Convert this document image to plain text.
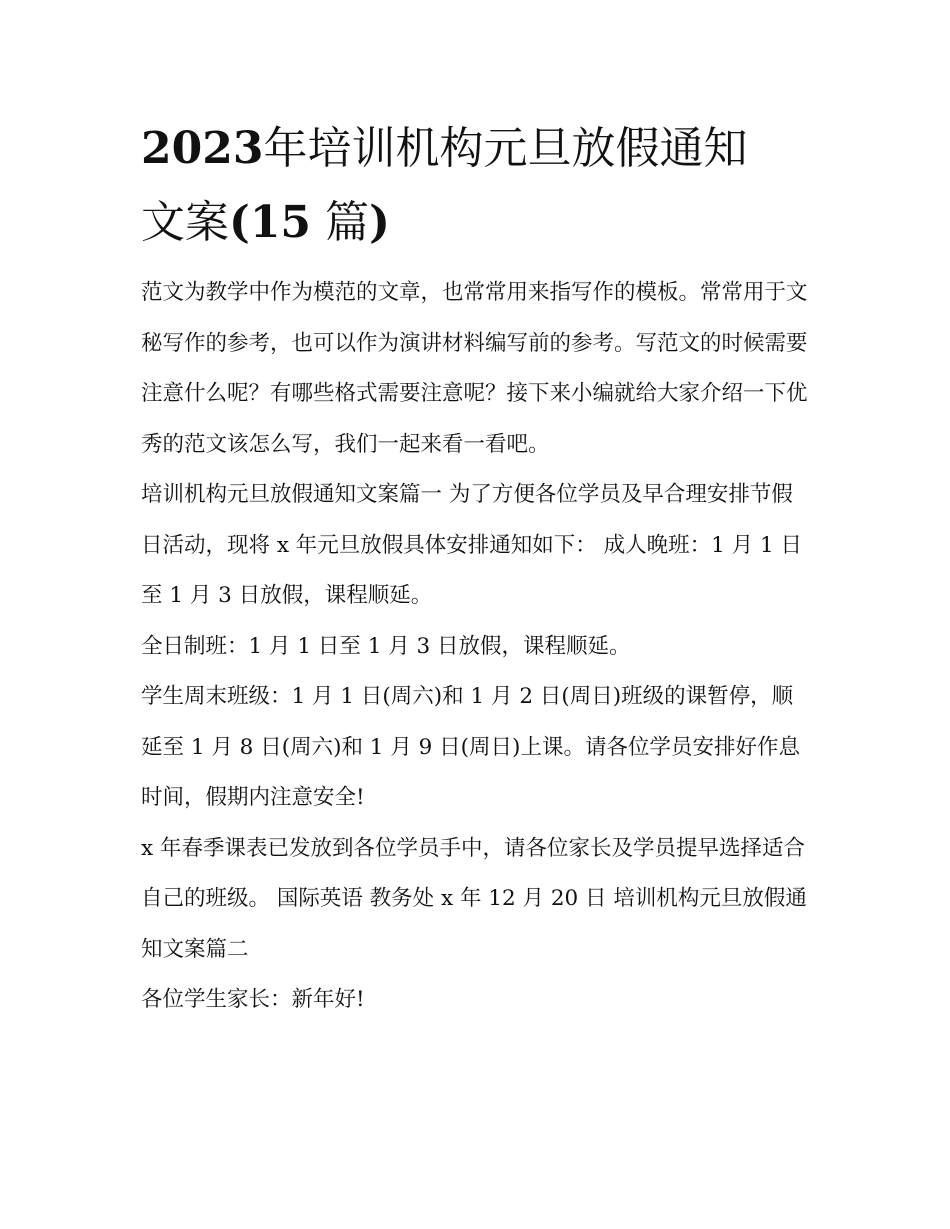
2023年培训机构元旦放假通知
文案(15 篇)

范文为教学中作为模范的文章，也常常用来指写作的模板。常常用于文秘写作的参考，也可以作为演讲材料编写前的参考。写范文的时候需要注意什么呢？有哪些格式需要注意呢？接下来小编就给大家介绍一下优秀的范文该怎么写，我们一起来看一看吧。

培训机构元旦放假通知文案篇一 为了方便各位学员及早合理安排节假日活动，现将 x 年元旦放假具体安排通知如下： 成人晚班：1 月 1 日至 1 月 3 日放假，课程顺延。

全日制班：1 月 1 日至 1 月 3 日放假，课程顺延。

学生周末班级：1 月 1 日(周六)和 1 月 2 日(周日)班级的课暂停，顺延至 1 月 8 日(周六)和 1 月 9 日(周日)上课。请各位学员安排好作息时间，假期内注意安全!

x 年春季课表已发放到各位学员手中，请各位家长及学员提早选择适合自己的班级。 国际英语 教务处 x 年 12 月 20 日 培训机构元旦放假通知文案篇二

各位学生家长：新年好!
